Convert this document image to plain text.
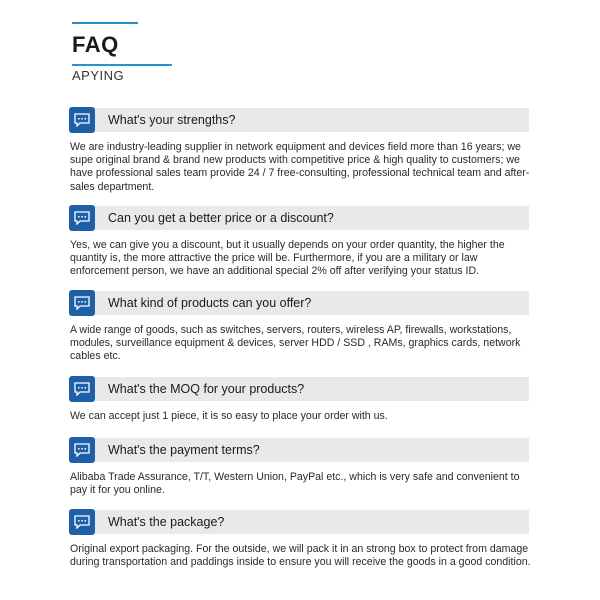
FAQ
APYING
What's your strengths?
We are industry-leading supplier in network equipment and devices field more than 16 years; we supe original brand & brand new products with competitive price & high quality to customers; we have professional sales team provide 24 / 7 free-consulting, professional technical team and after-sales department.
Can you get a better price or a discount?
Yes, we can give you a discount, but it usually depends on your order quantity, the higher the quantity is, the more attractive the price will be. Furthermore, if you are a military or law enforcement person, we have an additional special 2% off after verifying your status ID.
What kind of products can you offer?
A wide range of goods, such as switches, servers, routers, wireless AP, firewalls, workstations, modules, surveillance equipment & devices, server HDD / SSD , RAMs, graphics cards, network cables etc.
What's the MOQ for your products?
We can accept just 1 piece, it is so easy to place your order with us.
What's the payment terms?
Alibaba Trade Assurance, T/T, Western Union, PayPal etc., which is very safe and convenient to pay it for you online.
What's the package?
Original export packaging. For the outside, we will pack it in an strong box to protect from damage during transportation and paddings inside to ensure you will receive the goods in a good condition.
